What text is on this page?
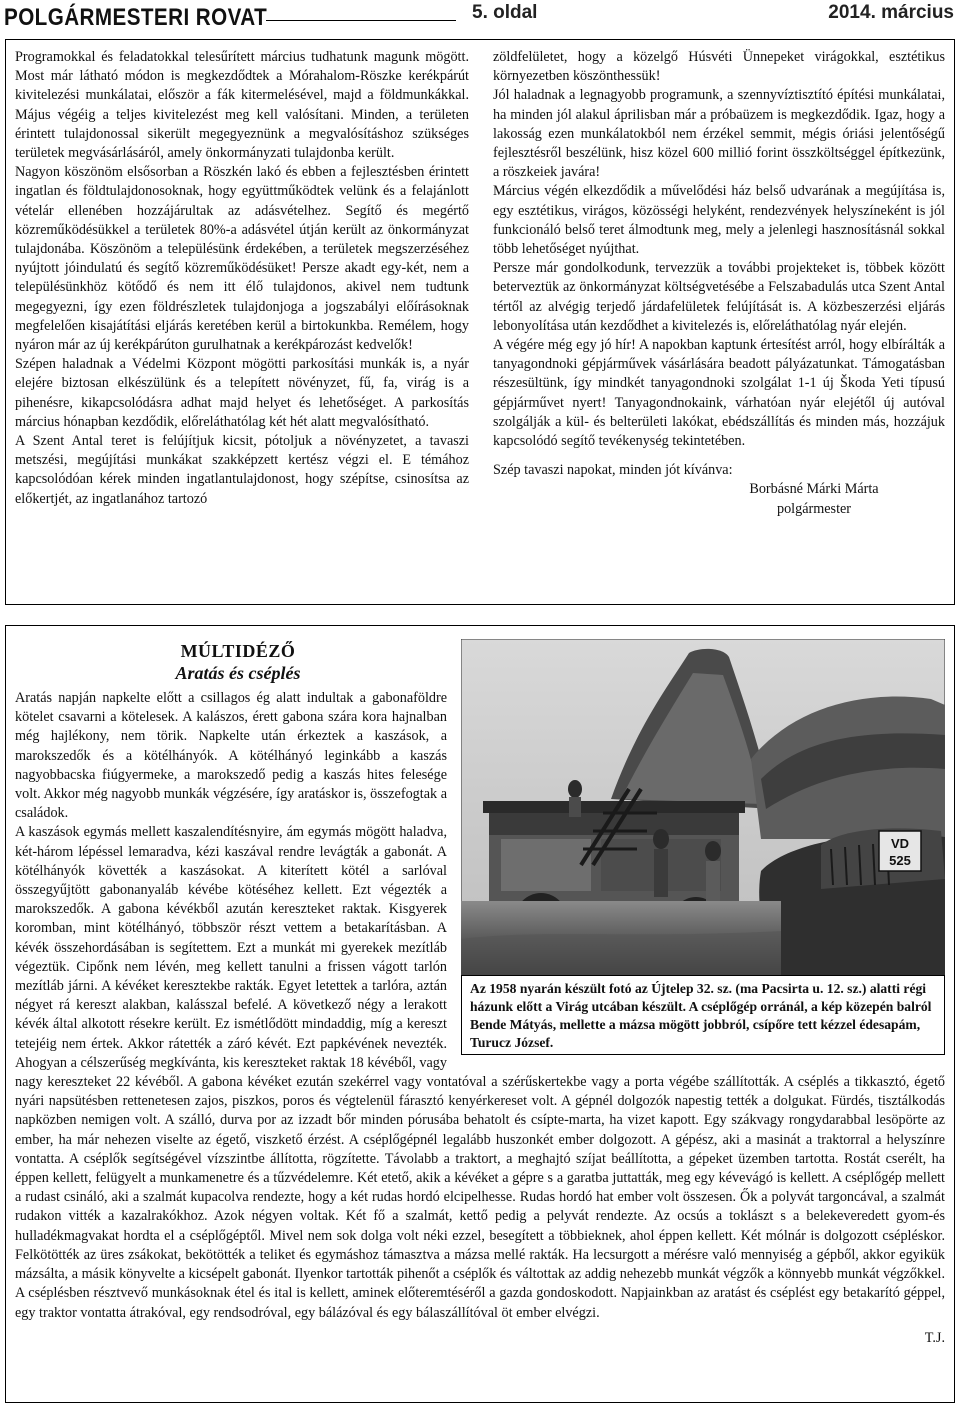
POLGÁRMESTERI ROVAT	5. oldal	2014. március

Programokkal és feladatokkal telesűrített március tudhatunk magunk mögött. Most már látható módon is megkezdődtek a Mórahalom-Röszke kerékpárút kivitelezési munkálatai, először a fák kitermelésével, majd a földmunkákkal. Május végéig a teljes kivitelezést meg kell valósítani. Minden, a területen érintett tulajdonossal sikerült megegyeznünk a megvalósításhoz szükséges területek megvásárlásáról, amely önkormányzati tulajdonba került.

Nagyon köszönöm elsősorban a Röszkén lakó és ebben a fejlesztésben érintett ingatlan és földtulajdonosoknak, hogy együttműködtek velünk és a felajánlott vételár ellenében hozzájárultak az adásvételhez. Segítő és megértő közreműködésükkel a területek 80%-a adásvétel útján került az önkormányzat tulajdonába. Köszönöm a településünk érdekében, a területek megszerzéséhez nyújtott jóindulatú és segítő közreműködésüket! Persze akadt egy-két, nem a településünkhöz kötődő és nem itt élő tulajdonos, akivel nem tudtunk megegyezni, így ezen földrészletek tulajdonjoga a jogszabályi előírásoknak megfelelően kisajátítási eljárás keretében kerül a birtokunkba. Remélem, hogy nyáron már az új kerékpárúton gurulhatnak a kerékpározást kedvelők!

Szépen haladnak a Védelmi Központ mögötti parkosítási munkák is, a nyár elejére biztosan elkészülünk és a telepített növényzet, fű, fa, virág is a pihenésre, kikapcsolódásra adhat majd helyet és lehetőséget. A parkosítás március hónapban kezdődik, előreláthatólag két hét alatt megvalósítható.

A Szent Antal teret is felújítjuk kicsit, pótoljuk a növényzetet, a tavaszi metszési, megújítási munkákat szakképzett kertész végzi el. E témához kapcsolódóan kérek minden ingatlantulajdonost, hogy szépítse, csinosítsa az előkertjét, az ingatlanához tartozó

zöldfelületet, hogy a közelgő Húsvéti Ünnepeket virágokkal, esztétikus környezetben köszönthessük!

Jól haladnak a legnagyobb programunk, a szennyvíztisztító építési munkálatai, ha minden jól alakul áprilisban már a próbaüzem is megkezdődik. Igaz, hogy a lakosság ezen munkálatokból nem érzékel semmit, mégis óriási jelentőségű fejlesztésről beszélünk, hisz közel 600 millió forint összköltséggel építkezünk, a röszkeiek javára!

Március végén elkezdődik a művelődési ház belső udvarának a megújítása is, egy esztétikus, virágos, közösségi helyként, rendezvények helyszíneként is jól funkcionáló belső teret álmodtunk meg, mely a jelenlegi hasznosításnál sokkal több lehetőséget nyújthat.

Persze már gondolkodunk, tervezzük a további projekteket is, többek között beterveztük az önkormányzat költségvetésébe a Felszabadulás utca Szent Antal tértől az alvégig terjedő járdafelületek felújítását is. A közbeszerzési eljárás lebonyolítása után kezdődhet a kivitelezés is, előreláthatólag nyár elején.

A végére még egy jó hír! A napokban kaptunk értesítést arról, hogy elbírálták a tanyagondnoki gépjárművek vásárlására beadott pályázatunkat. Támogatásban részesültünk, így mindkét tanyagondnoki szolgálat 1-1 új Škoda Yeti típusú gépjárművet nyert! Tanyagondnokaink, várhatóan nyár elejétől új autóval szolgálják a kül- és belterületi lakókat, ebédszállítás és minden más, hozzájuk kapcsolódó segítő tevékenység tekintetében.

Szép tavaszi napokat, minden jót kívánva:
Borbásné Márki Márta
polgármester
MÚLTIDÉZŐ
Aratás és cséplés
VD
525
Az 1958 nyarán készült fotó az Újtelep 32. sz. (ma Pacsirta u. 12. sz.) alatti régi házunk előtt a Virág utcában készült. A cséplőgép orránál, a kép közepén balról Bende Mátyás, mellette a mázsa mögött jobbról, csípőre tett kézzel édesapám, Turucz József.

Aratás napján napkelte előtt a csillagos ég alatt indultak a gabonaföldre kötelet csavarni a kötelesek. A kalászos, érett gabona szára kora hajnalban még hajlékony, nem törik. Napkelte után érkeztek a kaszások, a marokszedők és a kötélhányók. A kötélhányó leginkább a kaszás nagyobbacska fiúgyermeke, a marokszedő pedig a kaszás hites felesége volt. Akkor még nagyobb munkák végzésére, így aratáskor is, összefogtak a családok.

A kaszások egymás mellett kaszalendítésnyire, ám egymás mögött haladva, két-három lépéssel lemaradva, kézi kaszával rendre levágták a gabonát. A kötélhányók követték a kaszásokat. A kiterített kötél a sarlóval összegyűjtött gabonanyaláb kévébe kötéséhez kellett. Ezt végezték a marokszedők. A gabona kévékből azután kereszteket raktak. Kisgyerek koromban, mint kötélhányó, többször részt vettem a betakarításban. A kévék összehordásában is segítettem. Ezt a munkát mi gyerekek mezítláb végeztük. Cipőnk nem lévén, meg kellett tanulni a frissen vágott tarlón mezítláb járni. A kévéket keresztekbe rakták. Egyet letettek a tarlóra, aztán négyet rá kereszt alakban, kalásszal befelé. A következő négy a lerakott kévék által alkotott résekre került. Ez ismétlődött mindaddig, míg a kereszt tetejéig nem értek. Akkor rátették a záró kévét. Ezt papkévének nevezték. Ahogyan a célszerűség megkívánta, kis kereszteket raktak 18 kévéből, vagy nagy kereszteket 22 kévéből. A gabona kévéket ezután szekérrel vagy vontatóval a szérűskertekbe vagy a porta végébe szállították. A cséplés a tikkasztó, égető nyári napsütésben rettenetesen zajos, piszkos, poros és végtelenül fárasztó kenyérkereset volt. A gépnél dolgozók napestig tették a dolgukat. Fürdés, tisztálkodás napközben nemigen volt. A szálló, durva por az izzadt bőr minden pórusába behatolt és csípte-marta, ha vizet kapott. Egy szákvagy rongydarabbal lesöpörte az ember, ha már nehezen viselte az égető, viszkető érzést. A cséplőgépnél legalább huszonkét ember dolgozott. A gépész, aki a masinát a traktorral a helyszínre vontatta. A cséplők segítségével vízszintbe állította, rögzítette. Távolabb a traktort, a meghajtó szíjat beállította, a gépeket üzemben tartotta. Rostát cserélt, ha éppen kellett, felügyelt a munkamenetre és a tűzvédelemre. Két etető, akik a kévéket a gépre s a garatba juttatták, meg egy kévevágó is kellett. A cséplőgép mellett a rudast csináló, aki a szalmát kupacolva rendezte, hogy a két rudas hordó elcipelhesse. Rudas hordó hat ember volt összesen. Ők a polyvát targoncával, a szalmát rudakon vitték a kazalrakókhoz. Azok négyen voltak. Két fő a szalmát, kettő pedig a pelyvát rendezte. Az ocsús a toklászt s a belekeveredett gyom-és hulladékmagvakat hordta el a cséplőgéptől. Mivel nem sok dolga volt néki ezzel, besegített a többieknek, ahol éppen kellett. Két mólnár is dolgozott csépléskor. Felkötötték az üres zsákokat, bekötötték a teliket és egymáshoz támasztva a mázsa mellé rakták. Ha lecsurgott a mérésre való mennyiség a gépből, akkor egyikük mázsálta, a másik könyvelte a kicsépelt gabonát. Ilyenkor tartották pihenőt a cséplők és váltottak az addig nehezebb munkát végzők a könnyebb munkát végzőkkel. A cséplésben résztvevő munkásoknak étel és ital is kellett, aminek előteremtéséről a gazda gondoskodott. Napjainkban az aratást és cséplést egy betakarító géppel, egy traktor vontatta átrakóval, egy rendsodróval, egy bálázóval és egy bálaszállítóval öt ember elvégzi.

T.J.
